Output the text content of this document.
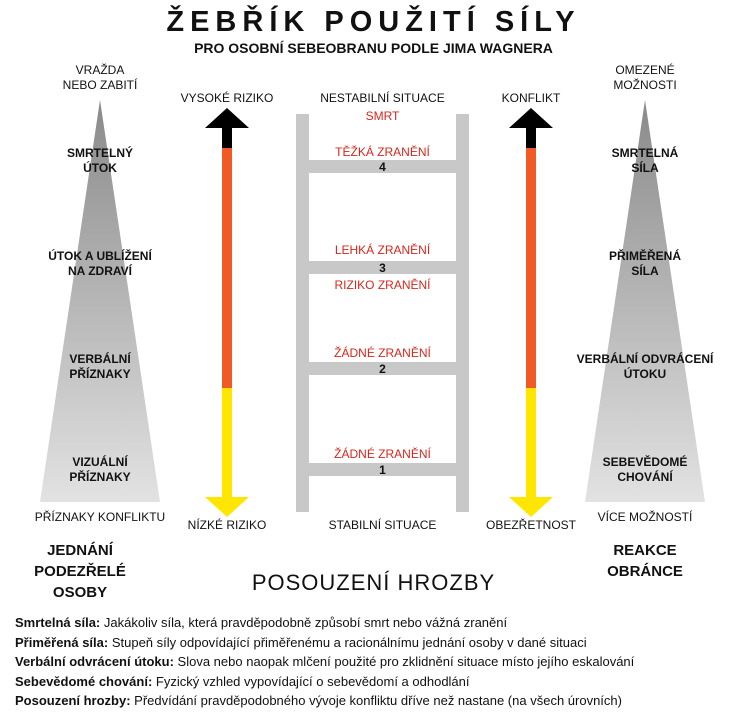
ŽEBŘÍK POUŽITÍ SÍLY
PRO OSOBNÍ SEBEOBRANU PODLE JIMA WAGNERA
VRAŽDA
NEBO ZABITÍ
SMRTELNÝ
ÚTOK
ÚTOK A UBLÍŽENÍ
NA ZDRAVÍ
VERBÁLNÍ
PŘÍZNAKY
VIZUÁLNÍ
PŘÍZNAKY
PŘÍZNAKY KONFLIKTU
JEDNÁNÍ PODEZŘELÉ
OSOBY
OMEZENÉ
MOŽNOSTI
SMRTELNÁ
SÍLA
PŘIMĚŘENÁ
SÍLA
VERBÁLNÍ ODVRÁCENÍ
ÚTOKU
SEBEVĚDOMÉ
CHOVÁNÍ
VÍCE MOŽNOSTÍ
REAKCE
OBRÁNCE
VYSOKÉ RIZIKO
NÍZKÉ RIZIKO
KONFLIKT
OBEZŘETNOST
NESTABILNÍ SITUACE
SMRT
STABILNÍ SITUACE
TĚŽKÁ ZRANĚNÍ
4
LEHKÁ ZRANĚNÍ
3
RIZIKO ZRANĚNÍ
ŽÁDNÉ ZRANĚNÍ
2
ŽÁDNÉ ZRANĚNÍ
1
POSOUZENÍ HROZBY
Smrtelná síla: Jakákoliv síla, která pravděpodobně způsobí smrt nebo vážná zranění
Přiměřená síla: Stupeň síly odpovídající přiměřenému a racionálnímu jednání osoby v dané situaci
Verbální odvrácení útoku: Slova nebo naopak mlčení použité pro zklidnění situace místo jejího eskalování
Sebevědomé chování: Fyzický vzhled vypovídající o sebevědomí a odhodlání
Posouzení hrozby: Předvídání pravděpodobného vývoje konfliktu dříve než nastane (na všech úrovních)
